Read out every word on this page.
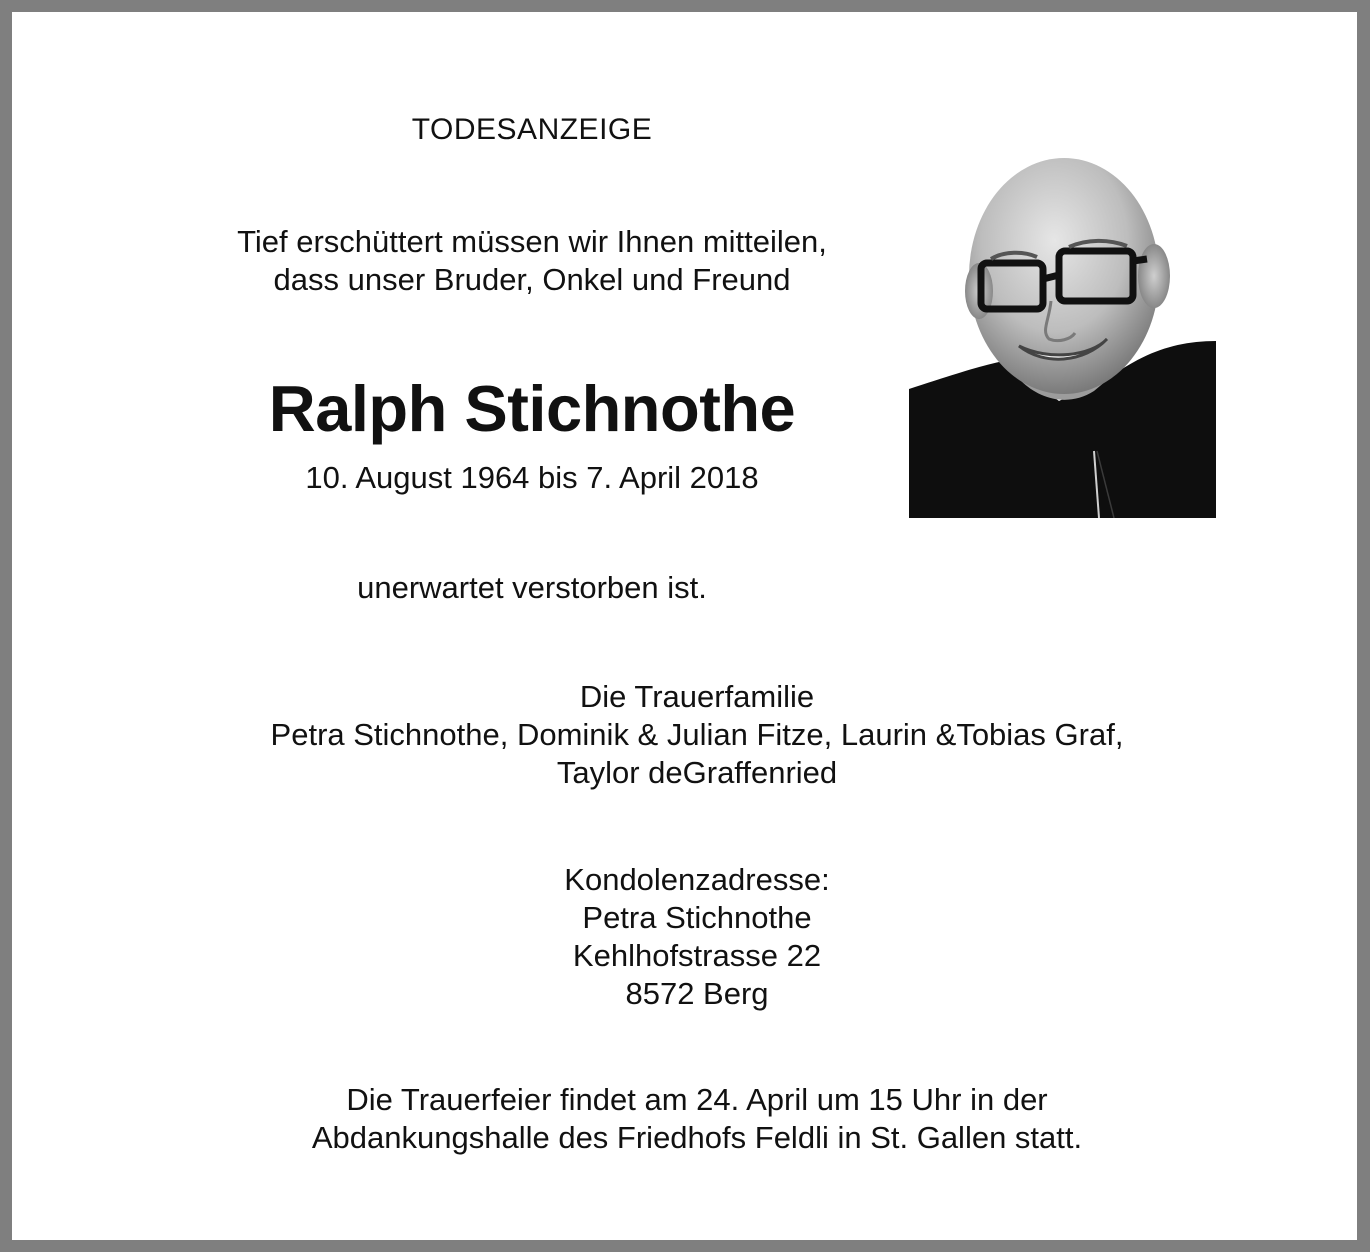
TODESANZEIGE

Tief erschüttert müssen wir Ihnen mitteilen,
dass unser Bruder, Onkel und Freund

Ralph Stichnothe

10. August 1964 bis 7. April 2018

unerwartet verstorben ist.

Die Trauerfamilie
Petra Stichnothe, Dominik & Julian Fitze, Laurin &Tobias Graf,
Taylor deGraffenried

Kondolenzadresse:
Petra Stichnothe
Kehlhofstrasse 22
8572 Berg

Die Trauerfeier findet am 24. April um 15 Uhr in der
Abdankungshalle des Friedhofs Feldli in St. Gallen statt.
